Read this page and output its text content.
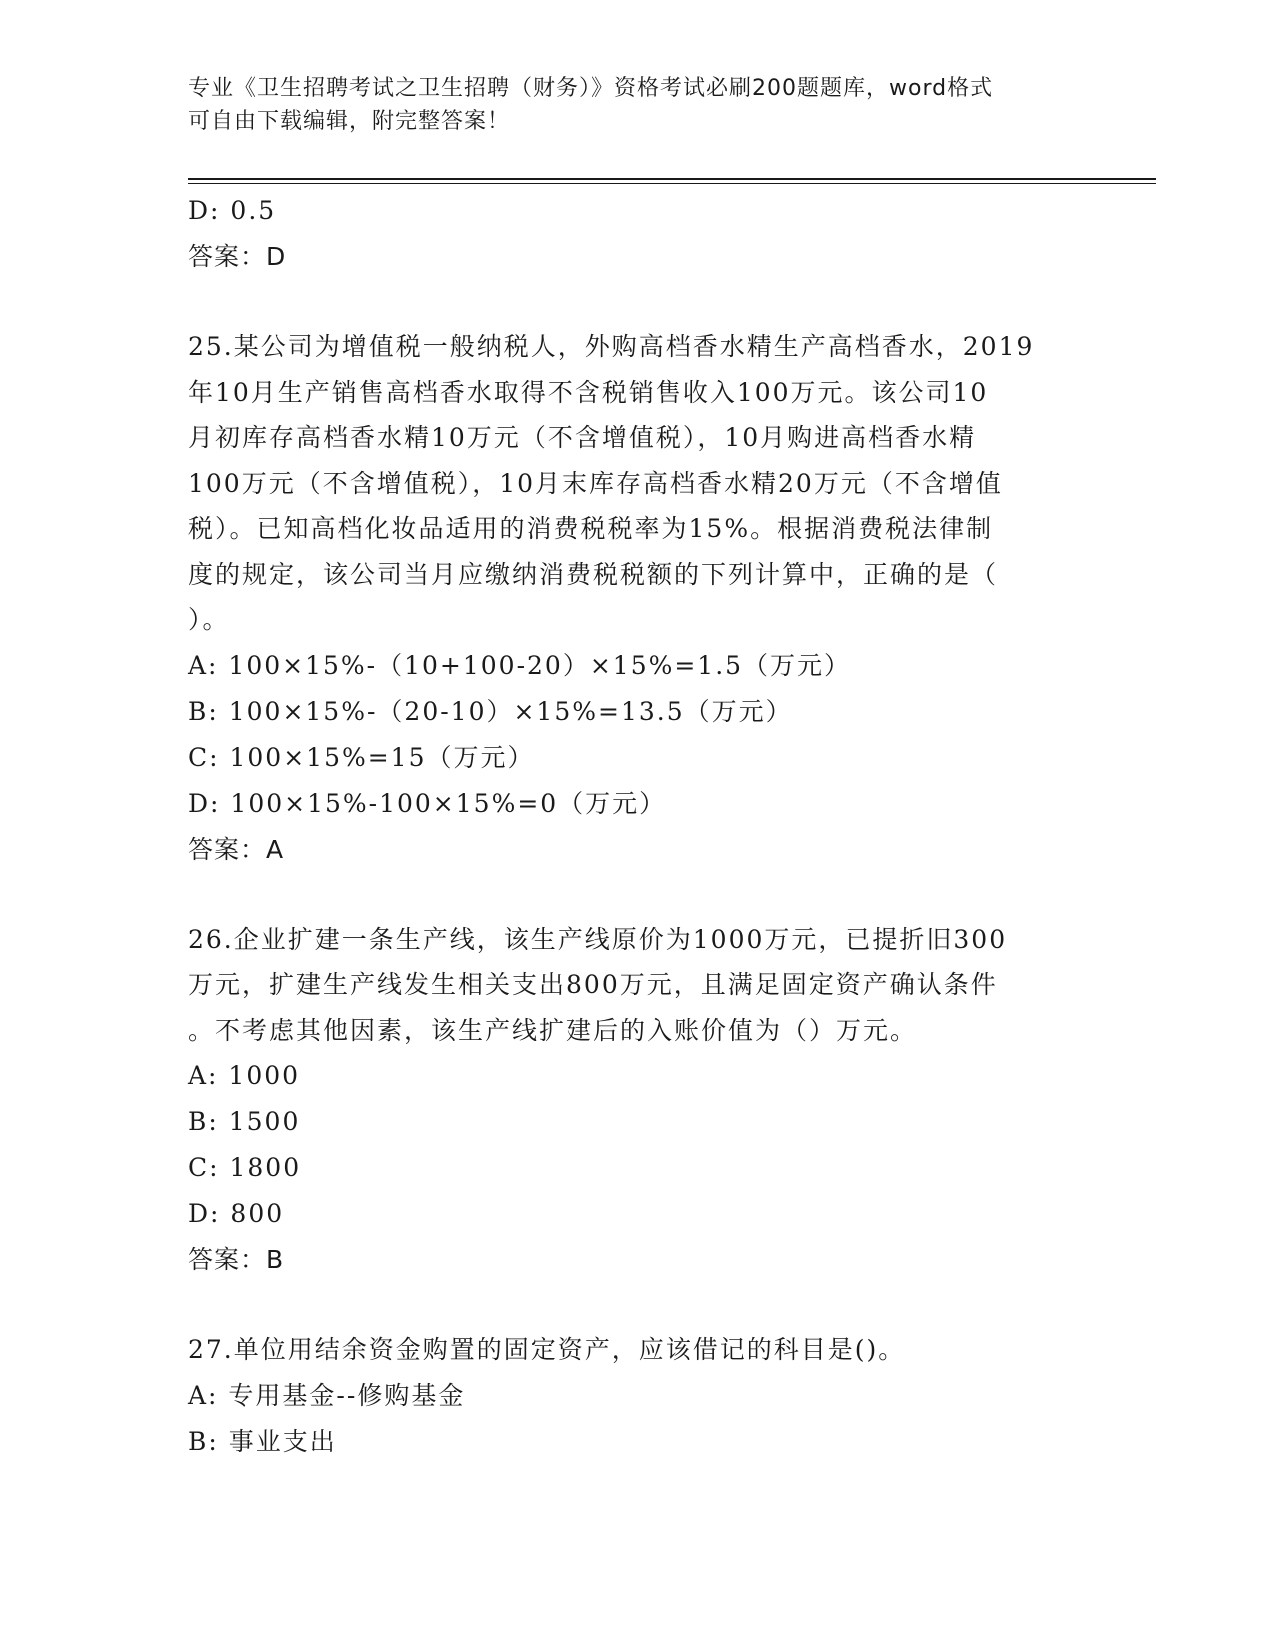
专业《卫生招聘考试之卫生招聘（财务）》资格考试必刷200题题库，word格式
可自由下载编辑，附完整答案！
D: 0.5
答案：D
25.某公司为增值税一般纳税人，外购高档香水精生产高档香水，2019
年10月生产销售高档香水取得不含税销售收入100万元。该公司10
月初库存高档香水精10万元（不含增值税），10月购进高档香水精
100万元（不含增值税），10月末库存高档香水精20万元（不含增值
税）。已知高档化妆品适用的消费税税率为15%。根据消费税法律制
度的规定，该公司当月应缴纳消费税税额的下列计算中，正确的是（
）。
A: 100×15%-（10+100-20）×15%=1.5（万元）
B: 100×15%-（20-10）×15%=13.5（万元）
C: 100×15%=15（万元）
D: 100×15%-100×15%=0（万元）
答案：A
26.企业扩建一条生产线，该生产线原价为1000万元，已提折旧300
万元，扩建生产线发生相关支出800万元，且满足固定资产确认条件
。不考虑其他因素，该生产线扩建后的入账价值为（）万元。
A: 1000
B: 1500
C: 1800
D: 800
答案：B
27.单位用结余资金购置的固定资产，应该借记的科目是()。
A: 专用基金--修购基金
B: 事业支出
